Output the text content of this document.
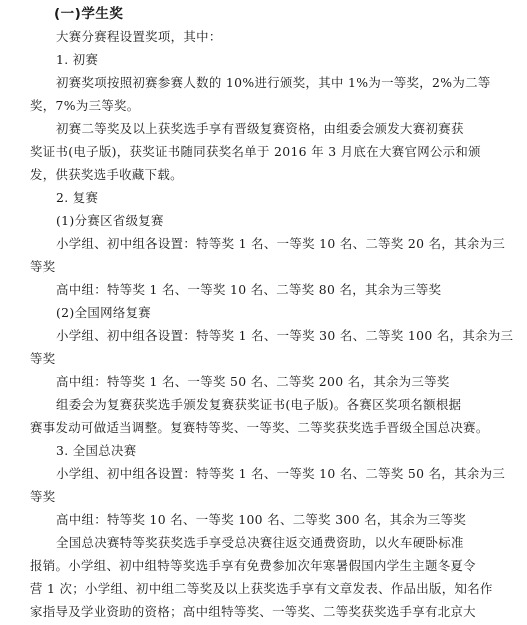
(一)学生奖
大赛分赛程设置奖项，其中：
1. 初赛
初赛奖项按照初赛参赛人数的 10%进行颁奖，其中 1%为一等奖，2%为二等
奖，7%为三等奖。
初赛二等奖及以上获奖选手享有晋级复赛资格，由组委会颁发大赛初赛获
奖证书(电子版)，获奖证书随同获奖名单于 2016 年 3 月底在大赛官网公示和颁
发，供获奖选手收藏下载。
2. 复赛
(1)分赛区省级复赛
小学组、初中组各设置：特等奖 1 名、一等奖 10 名、二等奖 20 名，其余为三
等奖
高中组：特等奖 1 名、一等奖 10 名、二等奖 80 名，其余为三等奖
(2)全国网络复赛
小学组、初中组各设置：特等奖 1 名、一等奖 30 名、二等奖 100 名，其余为三
等奖
高中组：特等奖 1 名、一等奖 50 名、二等奖 200 名，其余为三等奖
组委会为复赛获奖选手颁发复赛获奖证书(电子版)。各赛区奖项名额根据
赛事发动可做适当调整。复赛特等奖、一等奖、二等奖获奖选手晋级全国总决赛。
3. 全国总决赛
小学组、初中组各设置：特等奖 1 名、一等奖 10 名、二等奖 50 名，其余为三
等奖
高中组：特等奖 10 名、一等奖 100 名、二等奖 300 名，其余为三等奖
全国总决赛特等奖获奖选手享受总决赛往返交通费资助，以火车硬卧标准
报销。小学组、初中组特等奖选手享有免费参加次年寒暑假国内学生主题冬夏令
营 1 次；小学组、初中组二等奖及以上获奖选手享有文章发表、作品出版，知名作
家指导及学业资助的资格；高中组特等奖、一等奖、二等奖获奖选手享有北京大
